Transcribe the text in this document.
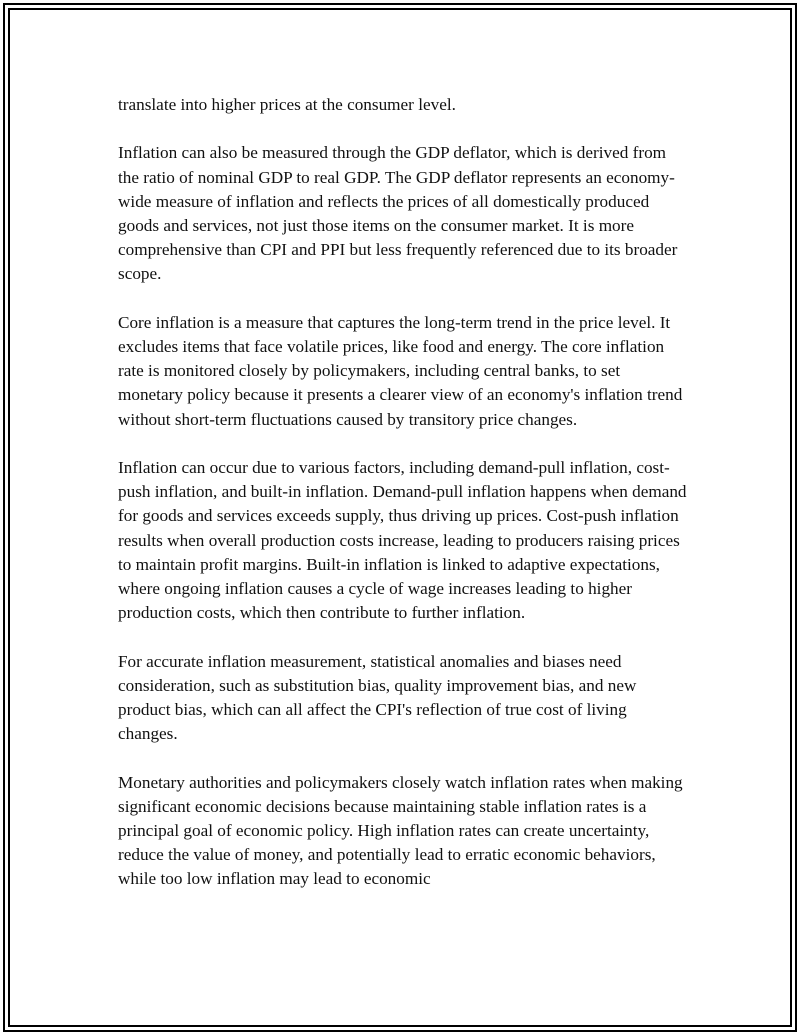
translate into higher prices at the consumer level.

Inflation can also be measured through the GDP deflator, which is derived from the ratio of nominal GDP to real GDP. The GDP deflator represents an economy-wide measure of inflation and reflects the prices of all domestically produced goods and services, not just those items on the consumer market. It is more comprehensive than CPI and PPI but less frequently referenced due to its broader scope.

Core inflation is a measure that captures the long-term trend in the price level. It excludes items that face volatile prices, like food and energy. The core inflation rate is monitored closely by policymakers, including central banks, to set monetary policy because it presents a clearer view of an economy's inflation trend without short-term fluctuations caused by transitory price changes.

Inflation can occur due to various factors, including demand-pull inflation, cost-push inflation, and built-in inflation. Demand-pull inflation happens when demand for goods and services exceeds supply, thus driving up prices. Cost-push inflation results when overall production costs increase, leading to producers raising prices to maintain profit margins. Built-in inflation is linked to adaptive expectations, where ongoing inflation causes a cycle of wage increases leading to higher production costs, which then contribute to further inflation.

For accurate inflation measurement, statistical anomalies and biases need consideration, such as substitution bias, quality improvement bias, and new product bias, which can all affect the CPI's reflection of true cost of living changes.

Monetary authorities and policymakers closely watch inflation rates when making significant economic decisions because maintaining stable inflation rates is a principal goal of economic policy. High inflation rates can create uncertainty, reduce the value of money, and potentially lead to erratic economic behaviors, while too low inflation may lead to economic
